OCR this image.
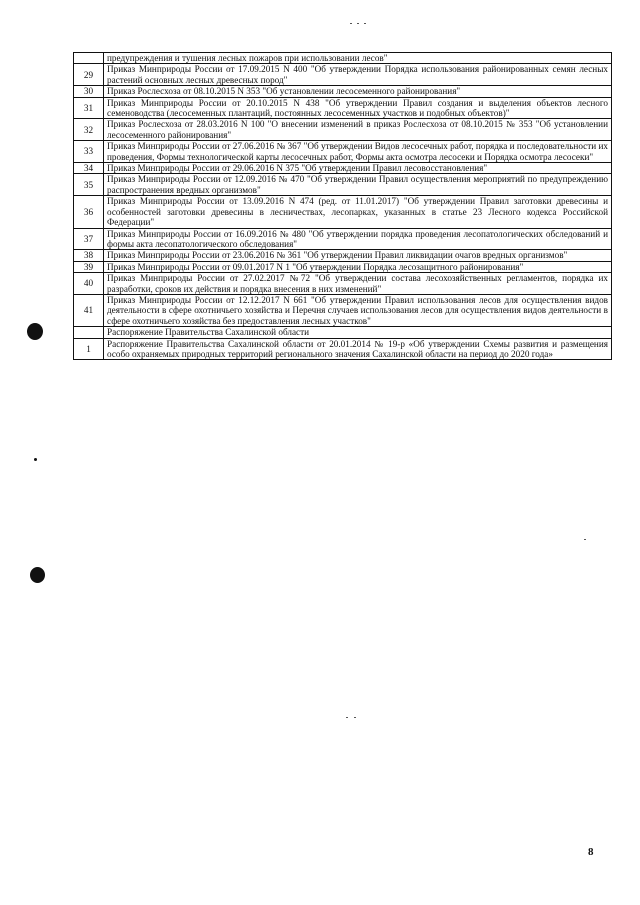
	предупреждения и тушения лесных пожаров при использовании лесов"
29	Приказ Минприроды России от 17.09.2015 N 400 "Об утверждении Порядка использования районированных семян лесных растений основных лесных древесных пород"
30	Приказ Рослесхоза от 08.10.2015 N 353 "Об установлении лесосеменного районирования"
31	Приказ Минприроды России от 20.10.2015 N 438 "Об утверждении Правил создания и выделения объектов лесного семеноводства (лесосеменных плантаций, постоянных лесосеменных участков и подобных объектов)"
32	Приказ Рослесхоза от 28.03.2016 N 100 "О внесении изменений в приказ Рослесхоза от 08.10.2015 № 353 "Об установлении лесосеменного районирования"
33	Приказ Минприроды России от 27.06.2016 № 367 "Об утверждении Видов лесосечных работ, порядка и последовательности их проведения, Формы технологической карты лесосечных работ, Формы акта осмотра лесосеки и Порядка осмотра лесосеки"
34	Приказ Минприроды России от 29.06.2016 N 375 "Об утверждении Правил лесовосстановления"
35	Приказ Минприроды России от 12.09.2016 № 470 "Об утверждении Правил осуществления мероприятий по предупреждению распространения вредных организмов"
36	Приказ Минприроды России от 13.09.2016 N 474 (ред. от 11.01.2017) "Об утверждении Правил заготовки древесины и особенностей заготовки древесины в лесничествах, лесопарках, указанных в статье 23 Лесного кодекса Российской Федерации"
37	Приказ Минприроды России от 16.09.2016 № 480 "Об утверждении порядка проведения лесопатологических обследований и формы акта лесопатологического обследования"
38	Приказ Минприроды России от 23.06.2016 № 361 "Об утверждении Правил ликвидации очагов вредных организмов"
39	Приказ Минприроды России от 09.01.2017 N 1 "Об утверждении Порядка лесозащитного районирования"
40	Приказ Минприроды России от 27.02.2017 №72 "Об утверждении состава лесохозяйственных регламентов, порядка их разработки, сроков их действия и порядка внесения в них изменений"
41	Приказ Минприроды России от 12.12.2017 N 661 "Об утверждении Правил использования лесов для осуществления видов деятельности в сфере охотничьего хозяйства и Перечня случаев использования лесов для осуществления видов деятельности в сфере охотничьего хозяйства без предоставления лесных участков"
	Распоряжение Правительства Сахалинской области
1	Распоряжение Правительства Сахалинской области от 20.01.2014 № 19-р «Об утверждении Схемы развития и размещения особо охраняемых природных территорий регионального значения Сахалинской области на период до 2020 года»
8
